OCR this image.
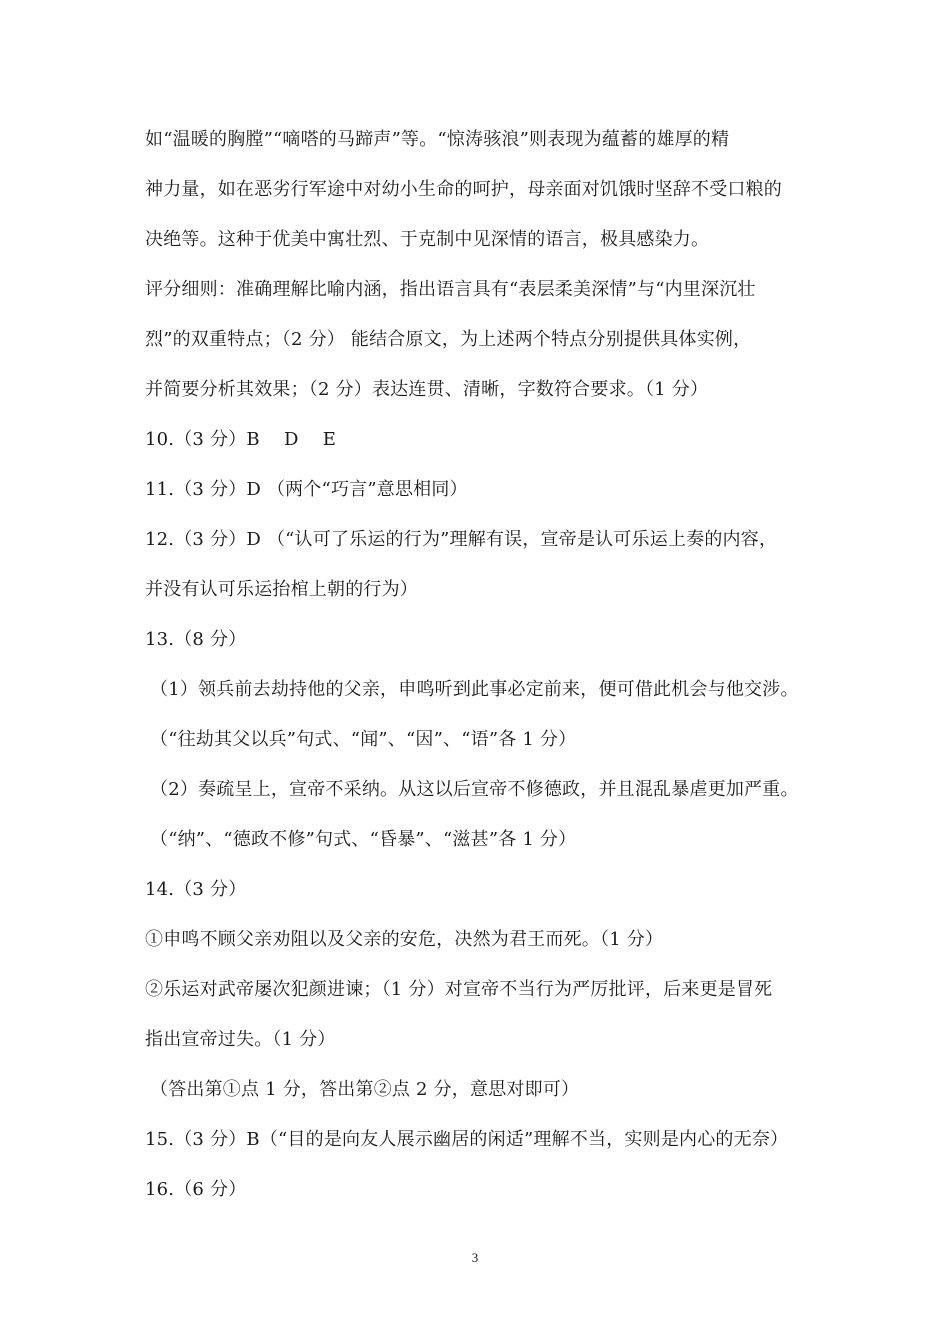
如“温暖的胸膛”“嘀嗒的马蹄声”等。“惊涛骇浪”则表现为蕴蓄的雄厚的精
神力量，如在恶劣行军途中对幼小生命的呵护，母亲面对饥饿时坚辞不受口粮的
决绝等。这种于优美中寓壮烈、于克制中见深情的语言，极具感染力。
评分细则：准确理解比喻内涵，指出语言具有“表层柔美深情”与“内里深沉壮
烈”的双重特点；（2 分） 能结合原文，为上述两个特点分别提供具体实例，
并简要分析其效果；（2 分）表达连贯、清晰，字数符合要求。（1 分）
10.（3 分）B　 D　 E
11.（3 分）D （两个“巧言”意思相同）
12.（3 分）D （“认可了乐运的行为”理解有误，宣帝是认可乐运上奏的内容，
并没有认可乐运抬棺上朝的行为）
13.（8 分）
（1）领兵前去劫持他的父亲，申鸣听到此事必定前来，便可借此机会与他交涉。
（“往劫其父以兵”句式、“闻”、“因”、“语”各 1 分）
（2）奏疏呈上，宣帝不采纳。从这以后宣帝不修德政，并且混乱暴虐更加严重。
（“纳”、“德政不修”句式、“昏暴”、“滋甚”各 1 分）
14.（3 分）
①申鸣不顾父亲劝阻以及父亲的安危，决然为君王而死。（1 分）
②乐运对武帝屡次犯颜进谏；（1 分）对宣帝不当行为严厉批评，后来更是冒死
指出宣帝过失。（1 分）
（答出第①点 1 分，答出第②点 2 分，意思对即可）
15.（3 分）B（“目的是向友人展示幽居的闲适”理解不当，实则是内心的无奈）
16.（6 分）
3
